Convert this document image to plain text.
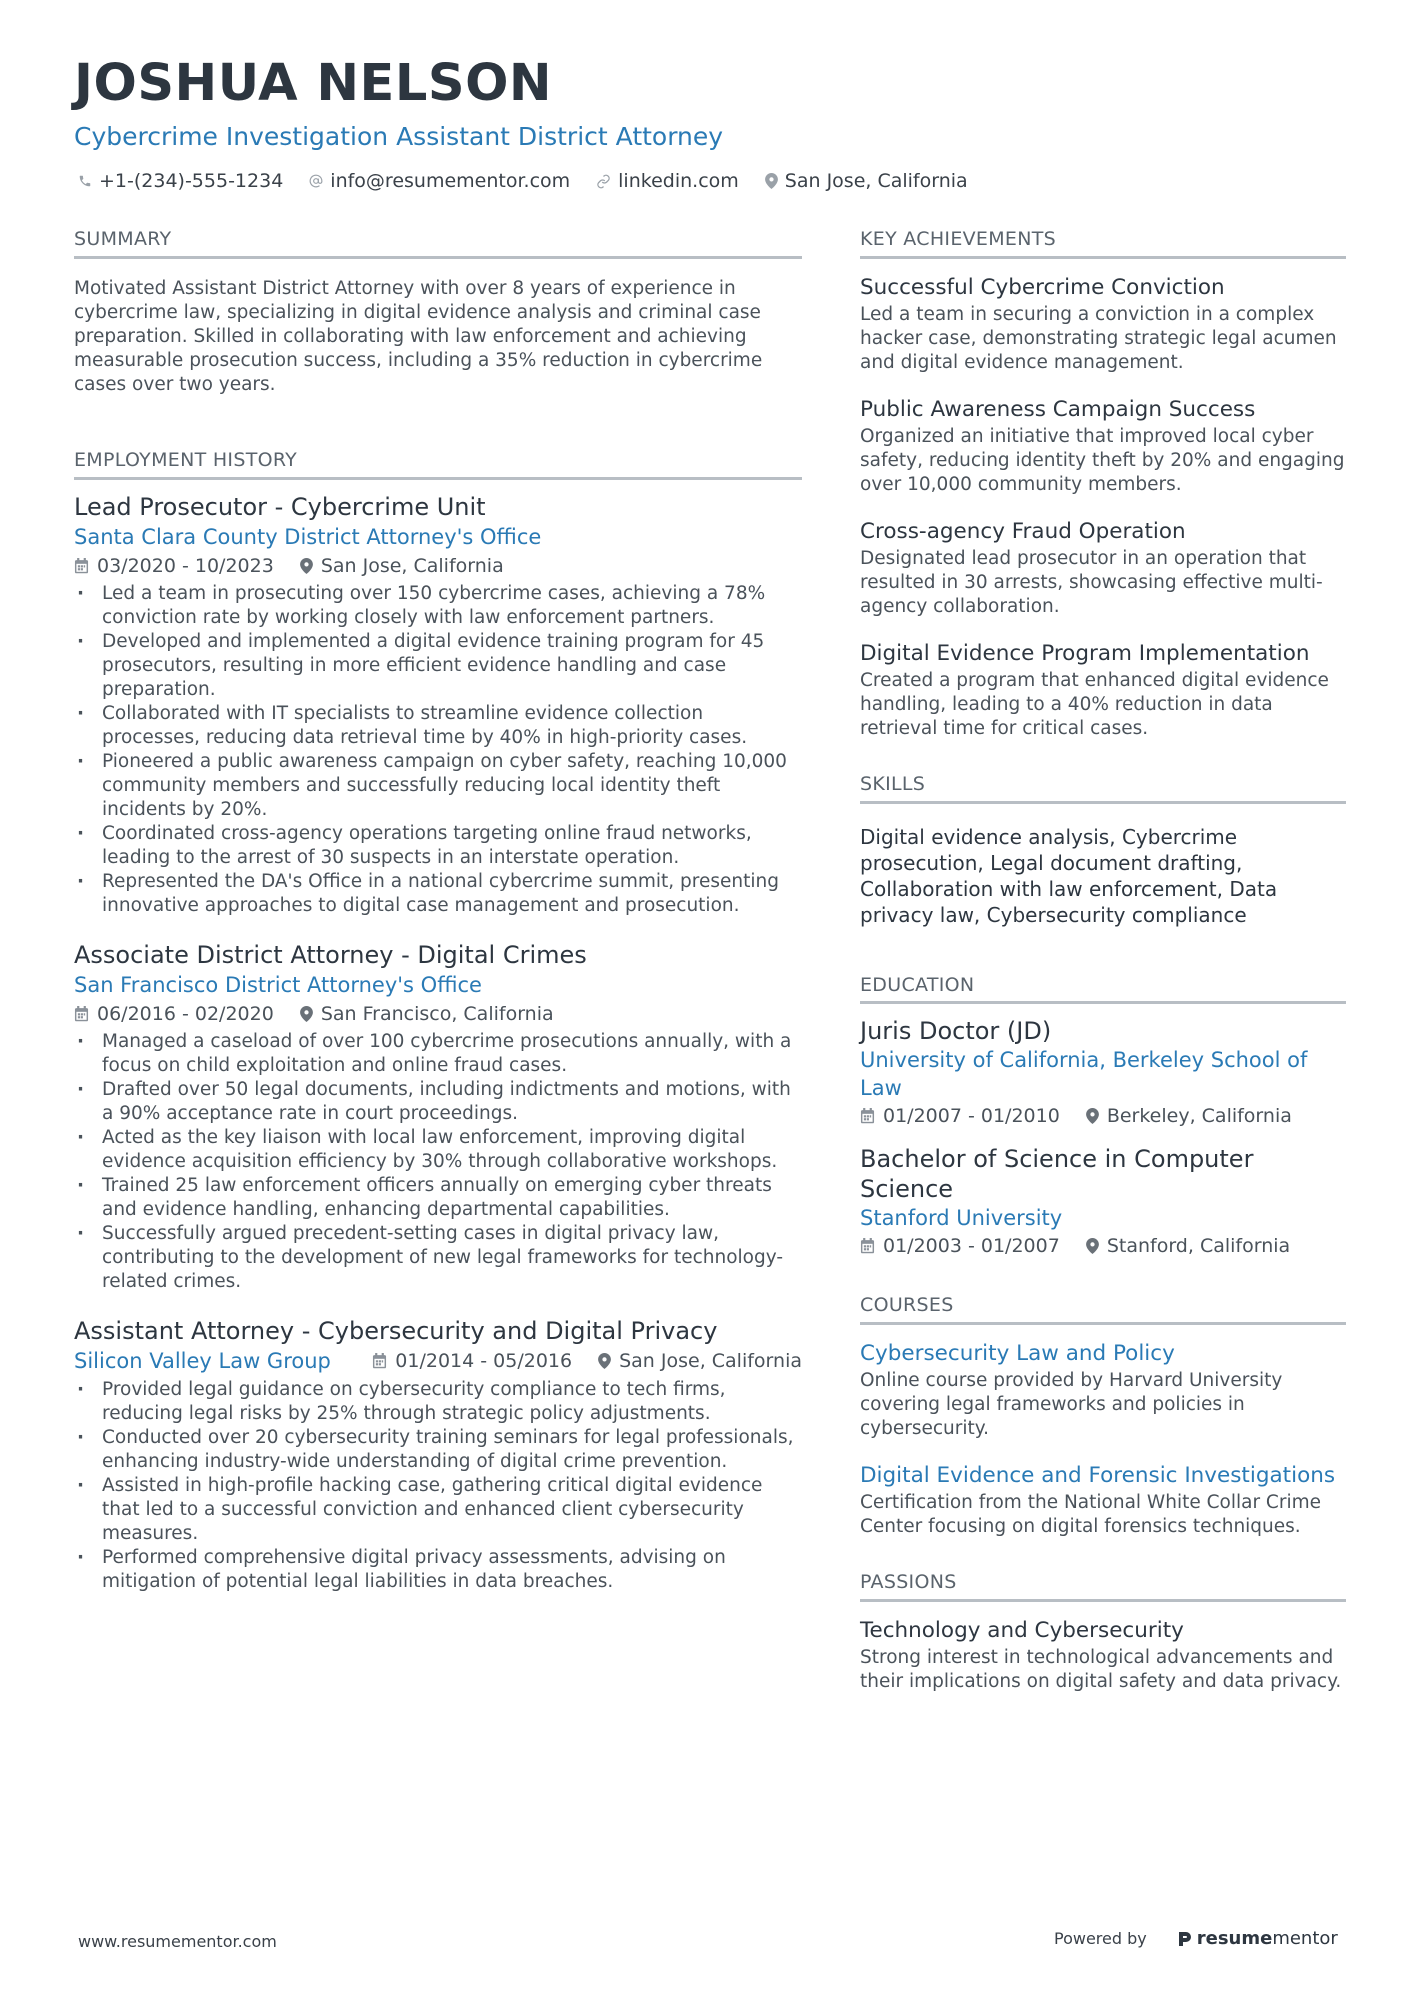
JOSHUA NELSON
Cybercrime Investigation Assistant District Attorney
+1-(234)-555-1234 info@resumementor.com	linkedin.com San Jose, California
SUMMARY
Motivated Assistant District Attorney with over 8 years of experience in cybercrime law, specializing in digital evidence analysis and criminal case preparation. Skilled in collaborating with law enforcement and achieving measurable prosecution success, including a 35% reduction in cybercrime cases over two years.
EMPLOYMENT HISTORY
Lead Prosecutor - Cybercrime Unit
Santa Clara County District Attorney's Office
03/2020 - 10/2023 San Jose, California
· Led a team in prosecuting over 150 cybercrime cases, achieving a 78% conviction rate by working closely with law enforcement partners.
· Developed and implemented a digital evidence training program for 45 prosecutors, resulting in more efficient evidence handling and case preparation.
· Collaborated with IT specialists to streamline evidence collection processes, reducing data retrieval time by 40% in high-priority cases.
· Pioneered a public awareness campaign on cyber safety, reaching 10,000 community members and successfully reducing local identity theft incidents by 20%.
· Coordinated cross-agency operations targeting online fraud networks, leading to the arrest of 30 suspects in an interstate operation.
· Represented the DA's Office in a national cybercrime summit, presenting innovative approaches to digital case management and prosecution.
Associate District Attorney - Digital Crimes
San Francisco District Attorney's Office
06/2016 - 02/2020 San Francisco, California
· Managed a caseload of over 100 cybercrime prosecutions annually, with a focus on child exploitation and online fraud cases.
· Drafted over 50 legal documents, including indictments and motions, with a 90% acceptance rate in court proceedings.
· Acted as the key liaison with local law enforcement, improving digital evidence acquisition efficiency by 30% through collaborative workshops.
· Trained 25 law enforcement officers annually on emerging cyber threats and evidence handling, enhancing departmental capabilities.
· Successfully argued precedent-setting cases in digital privacy law, contributing to the development of new legal frameworks for technology-related crimes.
Assistant Attorney - Cybersecurity and Digital Privacy
Silicon Valley Law Group	01/2014 - 05/2016 San Jose, California
· Provided legal guidance on cybersecurity compliance to tech firms, reducing legal risks by 25% through strategic policy adjustments.
· Conducted over 20 cybersecurity training seminars for legal professionals, enhancing industry-wide understanding of digital crime prevention.
· Assisted in high-profile hacking case, gathering critical digital evidence that led to a successful conviction and enhanced client cybersecurity measures.
· Performed comprehensive digital privacy assessments, advising on mitigation of potential legal liabilities in data breaches.
KEY ACHIEVEMENTS
Successful Cybercrime Conviction
Led a team in securing a conviction in a complex hacker case, demonstrating strategic legal acumen and digital evidence management.
Public Awareness Campaign Success
Organized an initiative that improved local cyber safety, reducing identity theft by 20% and engaging over 10,000 community members.
Cross-agency Fraud Operation
Designated lead prosecutor in an operation that resulted in 30 arrests, showcasing effective multi-agency collaboration.
Digital Evidence Program Implementation
Created a program that enhanced digital evidence handling, leading to a 40% reduction in data retrieval time for critical cases.
SKILLS
Digital evidence analysis, Cybercrime prosecution, Legal document drafting, Collaboration with law enforcement, Data privacy law, Cybersecurity compliance
EDUCATION
Juris Doctor (JD)
University of California, Berkeley School of Law
01/2007 - 01/2010 Berkeley, California
Bachelor of Science in Computer Science
Stanford University
01/2003 - 01/2007 Stanford, California
COURSES
Cybersecurity Law and Policy
Online course provided by Harvard University covering legal frameworks and policies in cybersecurity.
Digital Evidence and Forensic Investigations
Certification from the National White Collar Crime Center focusing on digital forensics techniques.
PASSIONS
Technology and Cybersecurity
Strong interest in technological advancements and their implications on digital safety and data privacy.
www.resumementor.com	Powered by	resume mentor
